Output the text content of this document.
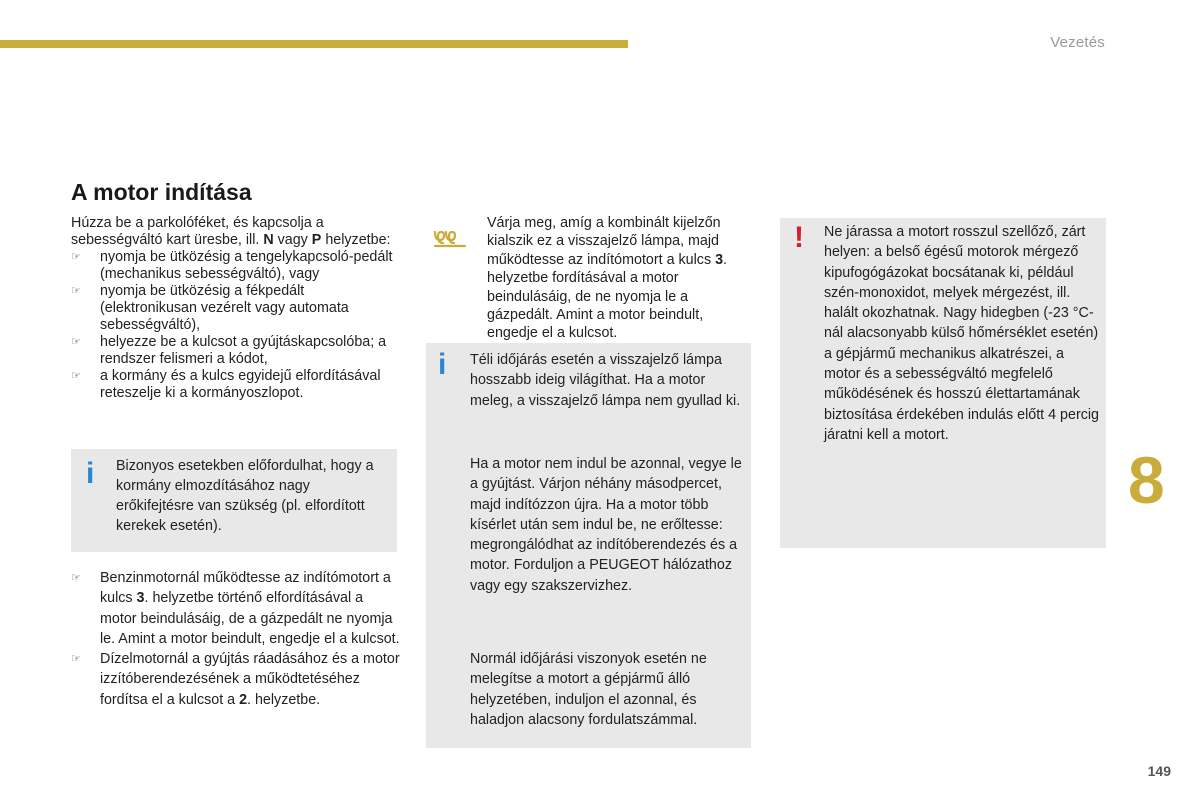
Vezetés
A motor indítása

Húzza be a parkolóféket, és kapcsolja a sebességváltó kart üresbe, ill. N vagy P helyzetbe:

☞ nyomja be ütközésig a tengelykapcsoló-pedált (mechanikus sebességváltó), vagy
☞ nyomja be ütközésig a fékpedált (elektronikusan vezérelt vagy automata sebességváltó),
☞ helyezze be a kulcsot a gyújtáskapcsolóba; a rendszer felismeri a kódot,
☞ a kormány és a kulcs egyidejű elfordításával reteszelje ki a kormányoszlopot.
i Bizonyos esetekben előfordulhat, hogy a kormány elmozdításához nagy erőkifejtésre van szükség (pl. elfordított kerekek esetén).

☞ Benzinmotornál működtesse az indítómotort a kulcs 3. helyzetbe történő elfordításával a motor beindulásáig, de a gázpedált ne nyomja le. Amint a motor beindult, engedje el a kulcsot.
☞ Dízelmotornál a gyújtás ráadásához és a motor izzítóberendezésének a működtetéséhez fordítsa el a kulcsot a 2. helyzetbe.

Várja meg, amíg a kombinált kijelzőn kialszik ez a visszajelző lámpa, majd működtesse az indítómotort a kulcs 3. helyzetbe fordításával a motor beindulásáig, de ne nyomja le a gázpedált. Amint a motor beindult, engedje el a kulcsot.

i Téli időjárás esetén a visszajelző lámpa hosszabb ideig világíthat. Ha a motor meleg, a visszajelző lámpa nem gyullad ki.

Ha a motor nem indul be azonnal, vegye le a gyújtást. Várjon néhány másodpercet, majd indítózzon újra. Ha a motor több kísérlet után sem indul be, ne erőltesse: megrongálódhat az indítóberendezés és a motor. Forduljon a PEUGEOT hálózathoz vagy egy szakszervizhez.

Normál időjárási viszonyok esetén ne melegítse a motort a gépjármű álló helyzetében, induljon el azonnal, és haladjon alacsony fordulatszámmal.

! Ne járassa a motort rosszul szellőző, zárt helyen: a belső égésű motorok mérgező kipufogógázokat bocsátanak ki, például szén-monoxidot, melyek mérgezést, ill. halált okozhatnak. Nagy hidegben (-23 °C-nál alacsonyabb külső hőmérséklet esetén) a gépjármű mechanikus alkatrészei, a motor és a sebességváltó megfelelő működésének és hosszú élettartamának biztosítása érdekében indulás előtt 4 percig járatni kell a motort.

8
149
